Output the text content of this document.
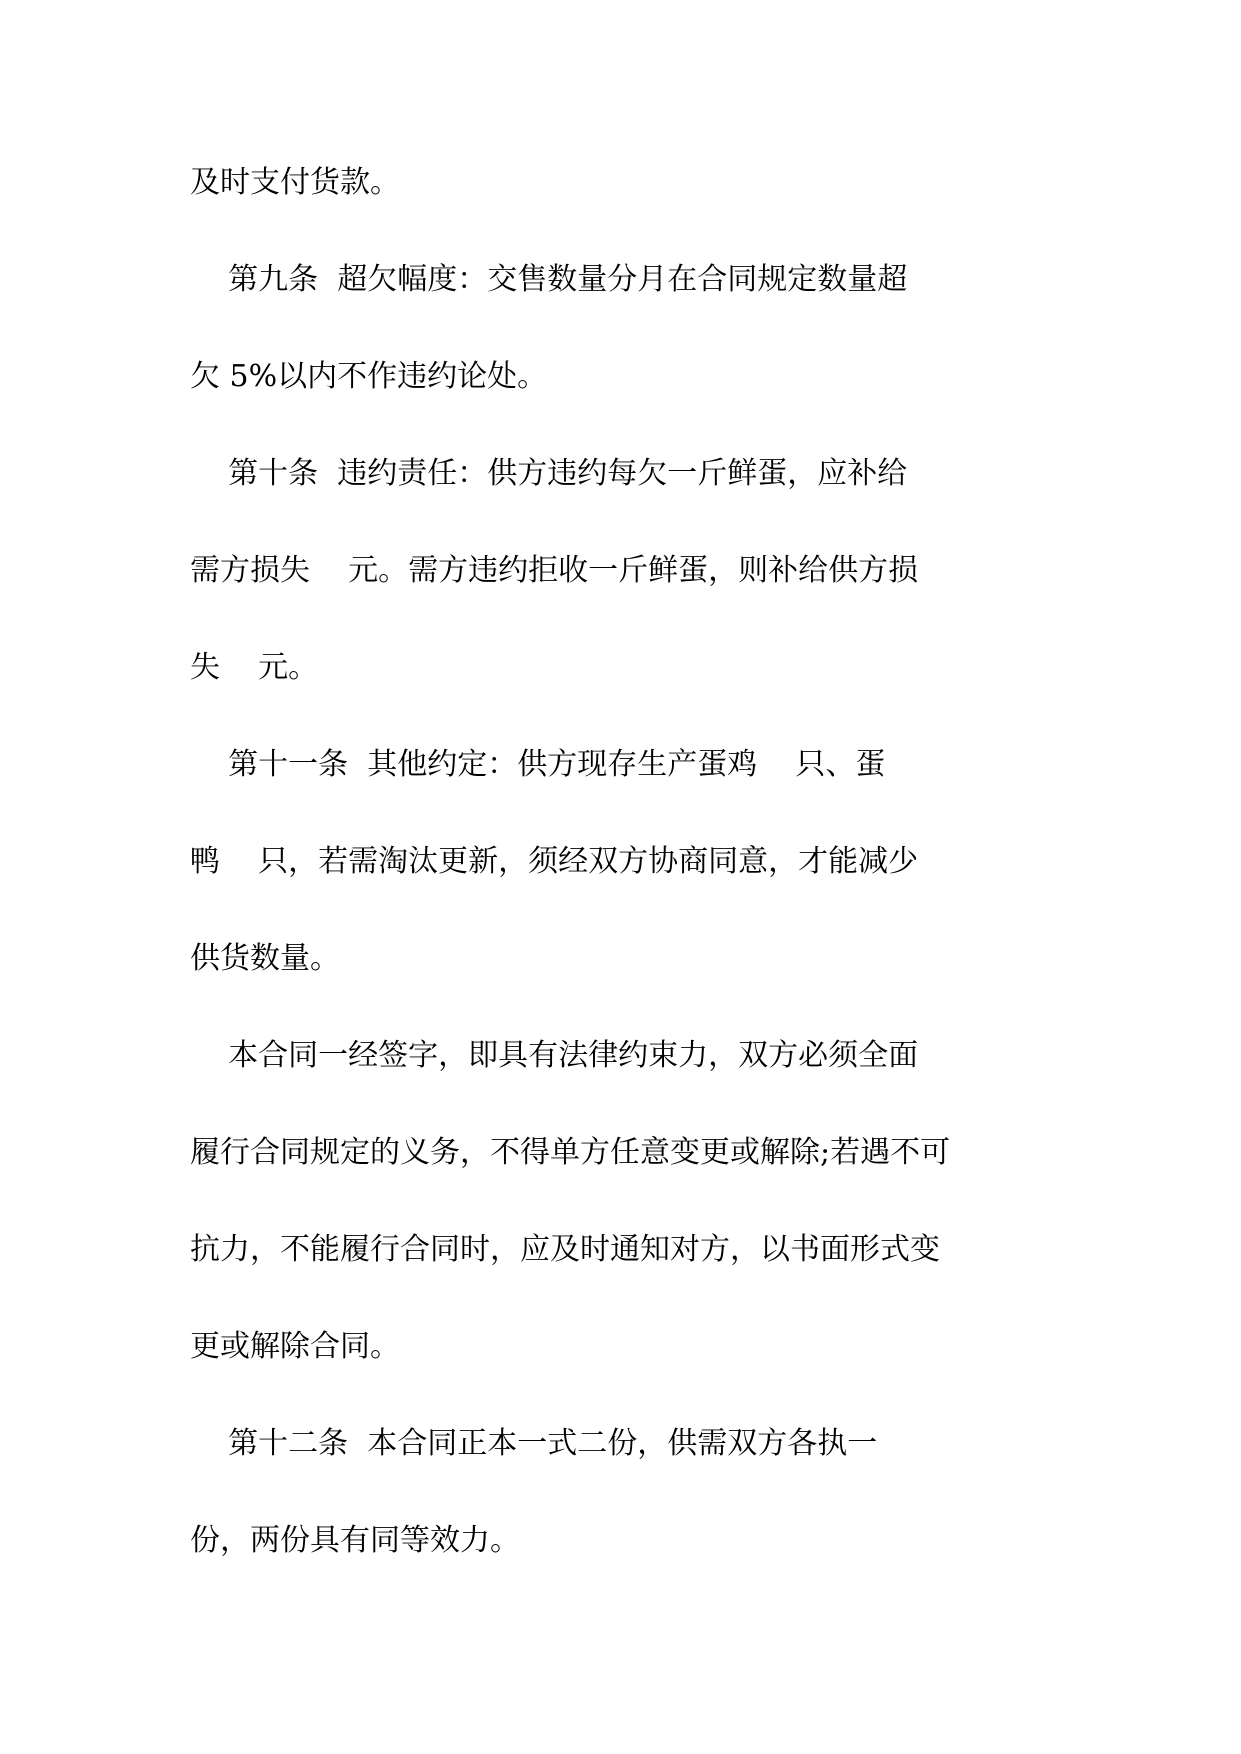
及时支付货款。
第九条  超欠幅度：交售数量分月在合同规定数量超
欠 5%以内不作违约论处。
第十条  违约责任：供方违约每欠一斤鲜蛋，应补给
需方损失    元。需方违约拒收一斤鲜蛋，则补给供方损
失    元。
第十一条  其他约定：供方现存生产蛋鸡    只、蛋
鸭    只，若需淘汰更新，须经双方协商同意，才能减少
供货数量。
本合同一经签字，即具有法律约束力，双方必须全面
履行合同规定的义务，不得单方任意变更或解除;若遇不可
抗力，不能履行合同时，应及时通知对方，以书面形式变
更或解除合同。
第十二条  本合同正本一式二份，供需双方各执一
份，两份具有同等效力。
